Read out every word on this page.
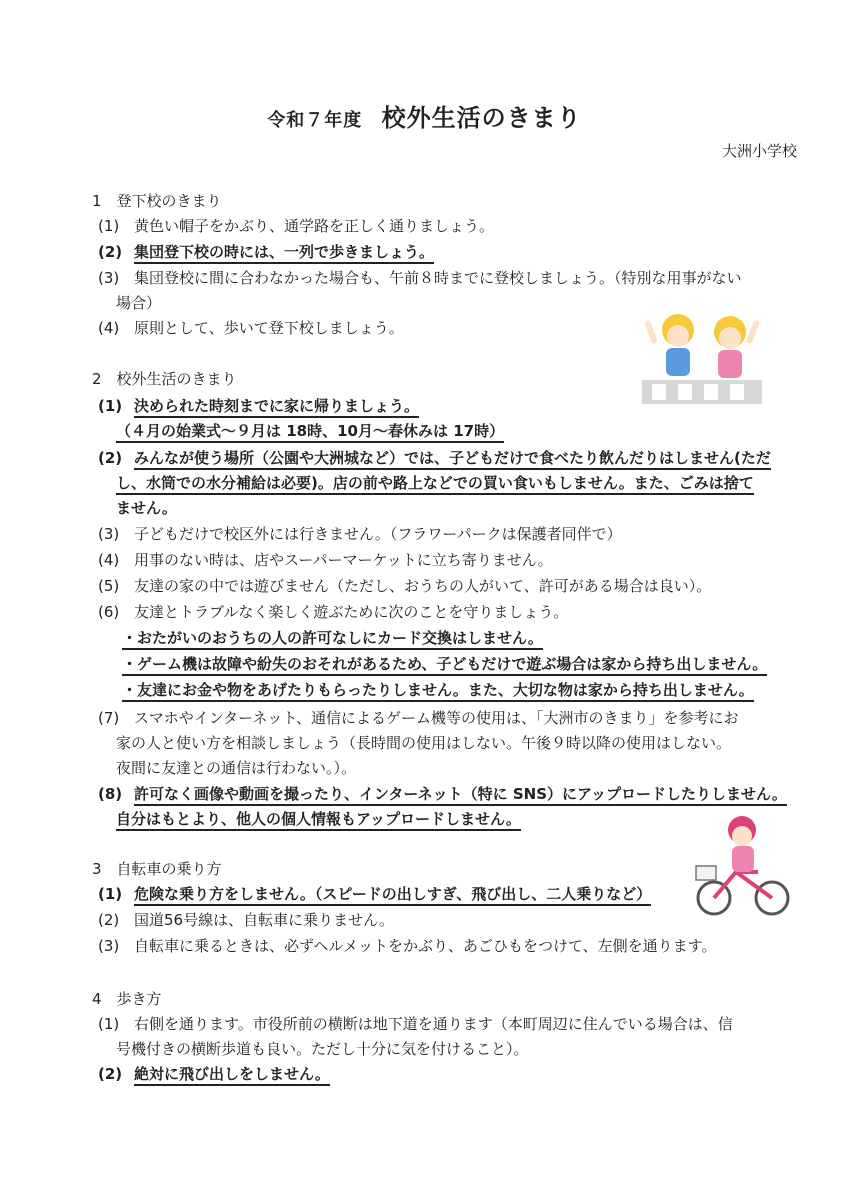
令和７年度 校外生活のきまり
大洲小学校
1　登下校のきまり
(1) 黄色い帽子をかぶり、通学路を正しく通りましょう。
(2) 集団登下校の時には、一列で歩きましょう。
(3) 集団登校に間に合わなかった場合も、午前８時までに登校しましょう。（特別な用事がない
場合）
(4) 原則として、歩いて登下校しましょう。
2　校外生活のきまり
(1) 決められた時刻までに家に帰りましょう。
（４月の始業式～９月は 18時、10月～春休みは 17時）
(2) みんなが使う場所（公園や大洲城など）では、子どもだけで食べたり飲んだりはしません(ただ
し、水筒での水分補給は必要)。店の前や路上などでの買い食いもしません。また、ごみは捨て
ません。
(3) 子どもだけで校区外には行きません。（フラワーパークは保護者同伴で）
(4) 用事のない時は、店やスーパーマーケットに立ち寄りません。
(5) 友達の家の中では遊びません（ただし、おうちの人がいて、許可がある場合は良い）。
(6) 友達とトラブルなく楽しく遊ぶために次のことを守りましょう。
・おたがいのおうちの人の許可なしにカード交換はしません。
・ゲーム機は故障や紛失のおそれがあるため、子どもだけで遊ぶ場合は家から持ち出しません。
・友達にお金や物をあげたりもらったりしません。また、大切な物は家から持ち出しません。
(7) スマホやインターネット、通信によるゲーム機等の使用は、「大洲市のきまり」を参考にお
家の人と使い方を相談しましょう（長時間の使用はしない。午後９時以降の使用はしない。
夜間に友達との通信は行わない。）。
(8) 許可なく画像や動画を撮ったり、インターネット（特に SNS）にアップロードしたりしません。
自分はもとより、他人の個人情報もアップロードしません。
3　自転車の乗り方
(1) 危険な乗り方をしません。（スピードの出しすぎ、飛び出し、二人乗りなど）
(2) 国道56号線は、自転車に乗りません。
(3) 自転車に乗るときは、必ずヘルメットをかぶり、あごひもをつけて、左側を通ります。
4　歩き方
(1) 右側を通ります。市役所前の横断は地下道を通ります（本町周辺に住んでいる場合は、信
号機付きの横断歩道も良い。ただし十分に気を付けること）。
(2) 絶対に飛び出しをしません。
